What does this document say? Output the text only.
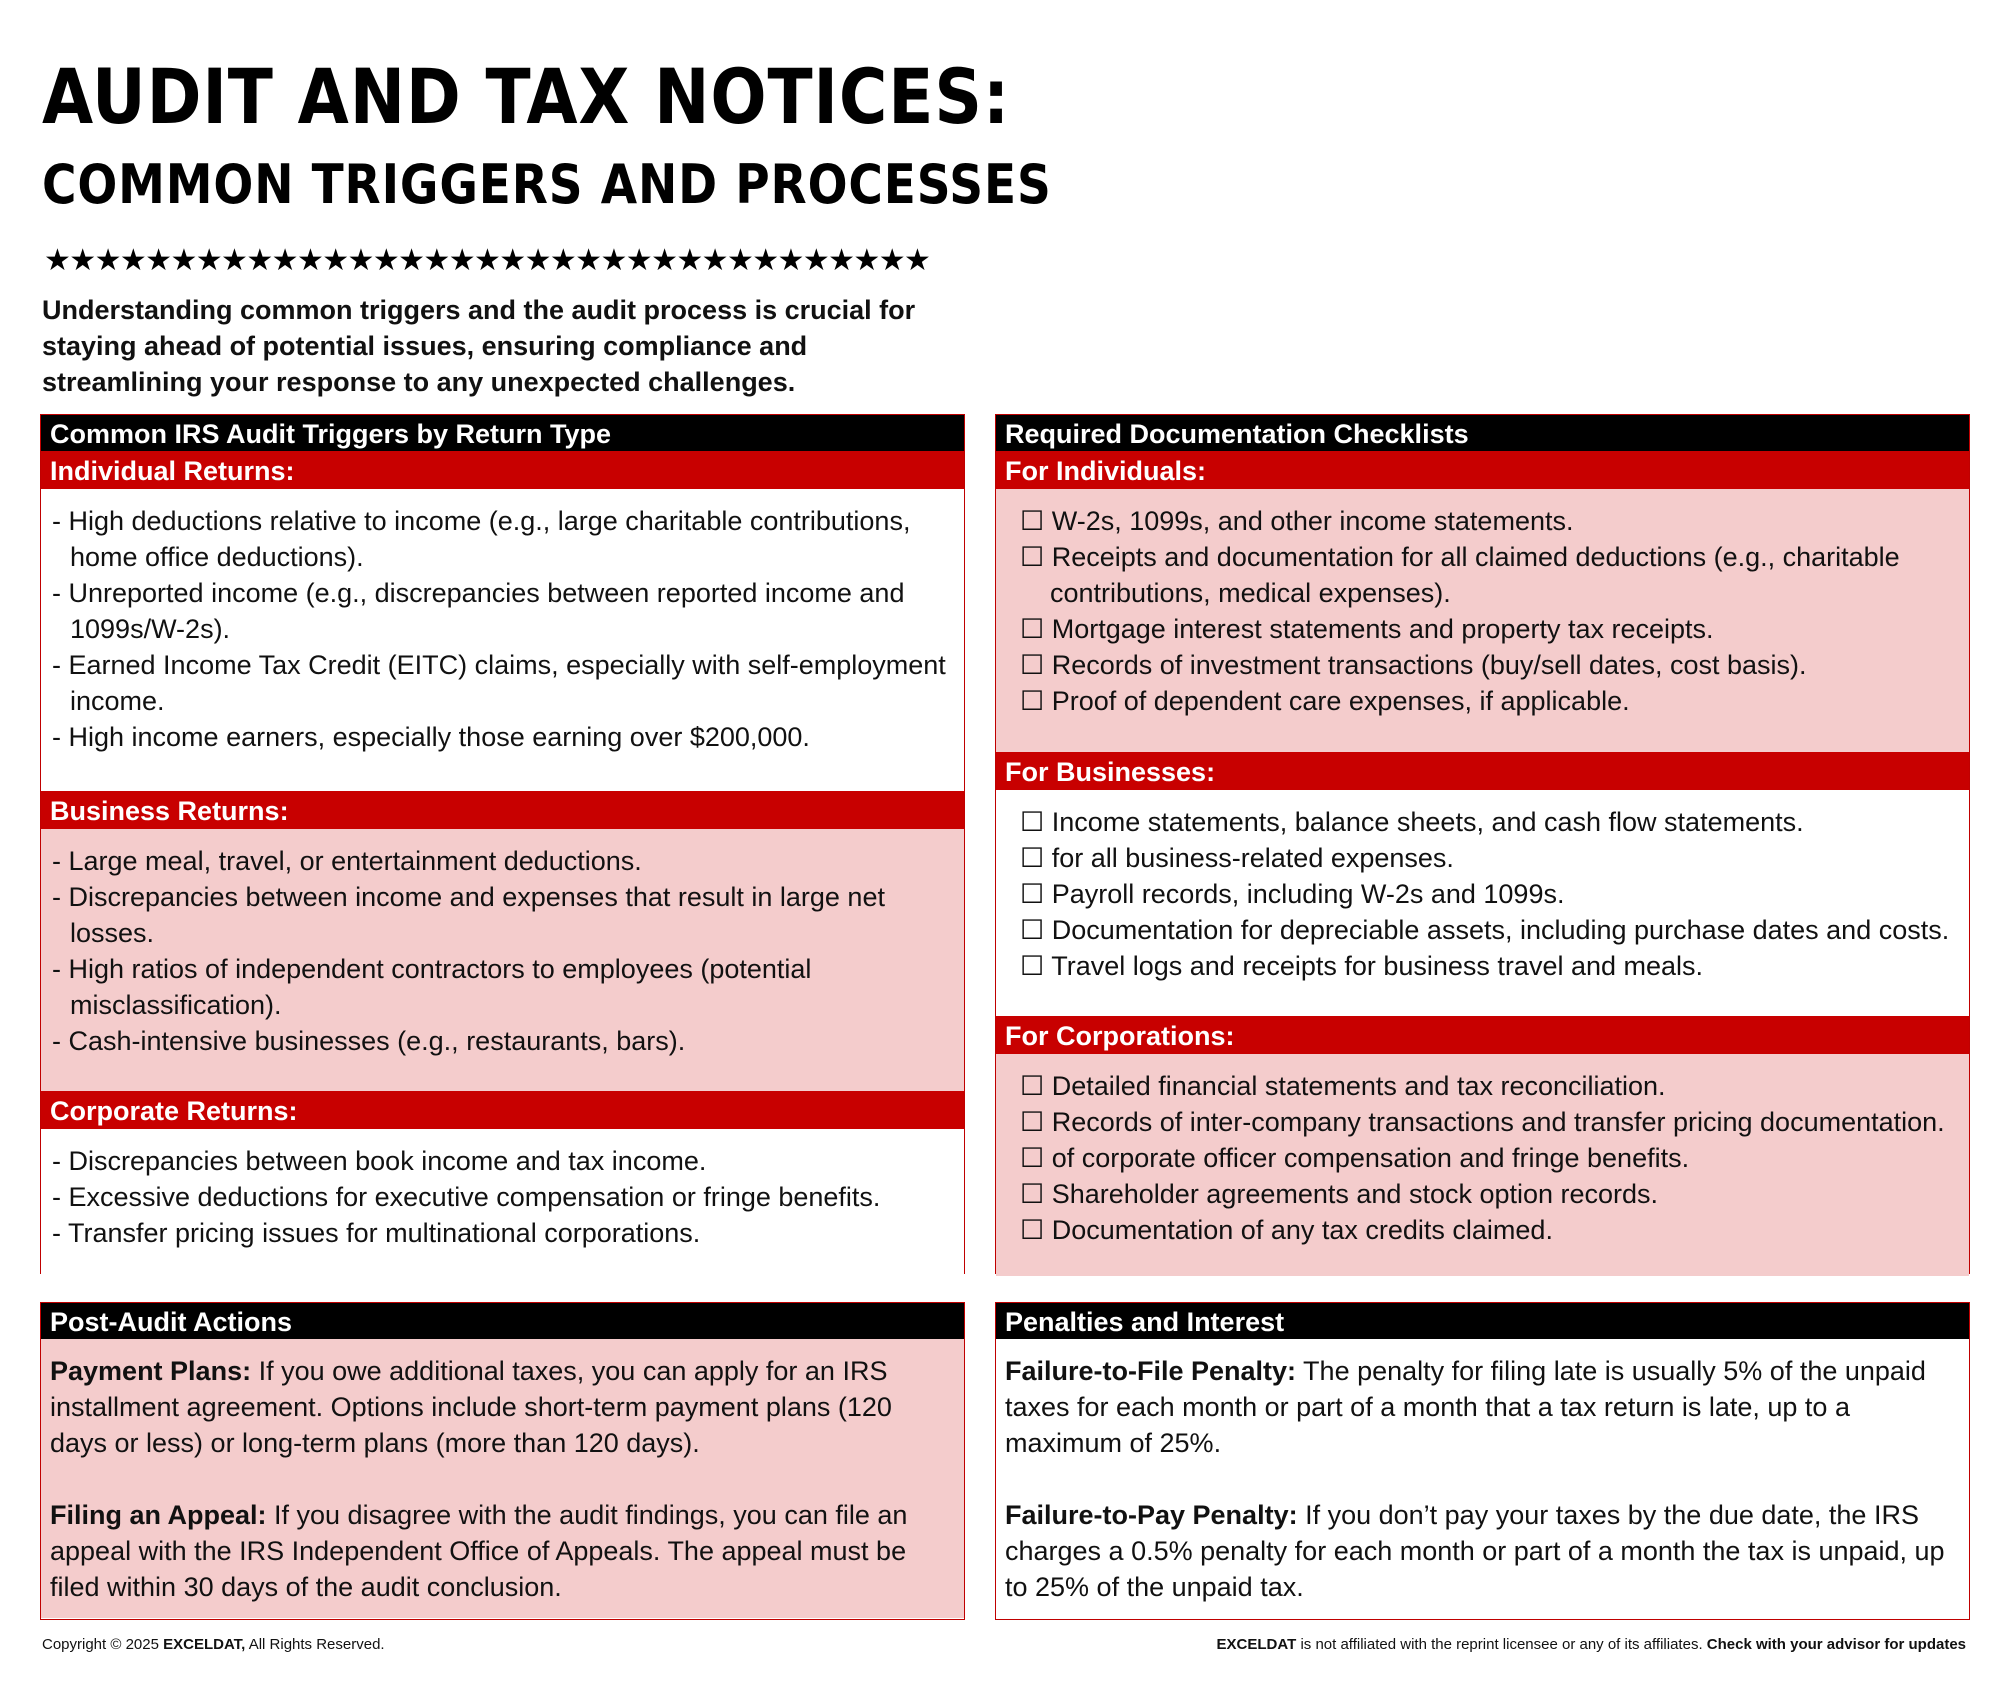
AUDIT AND TAX NOTICES:
COMMON TRIGGERS AND PROCESSES
★★★★★★★★★★★★★★★★★★★★★★★★★★★★★★★★★★★

Understanding common triggers and the audit process is crucial for staying ahead of potential issues, ensuring compliance and streamlining your response to any unexpected challenges.

Common IRS Audit Triggers by Return Type
Individual Returns:
- High deductions relative to income (e.g., large charitable contributions, home office deductions).
- Unreported income (e.g., discrepancies between reported income and 1099s/W-2s).
- Earned Income Tax Credit (EITC) claims, especially with self-employment income.
- High income earners, especially those earning over $200,000.
Business Returns:
- Large meal, travel, or entertainment deductions.
- Discrepancies between income and expenses that result in large net losses.
- High ratios of independent contractors to employees (potential misclassification).
- Cash-intensive businesses (e.g., restaurants, bars).
Corporate Returns:
- Discrepancies between book income and tax income.
- Excessive deductions for executive compensation or fringe benefits.
- Transfer pricing issues for multinational corporations.
Required Documentation Checklists
For Individuals:
☐ W-2s, 1099s, and other income statements.
☐ Receipts and documentation for all claimed deductions (e.g., charitable contributions, medical expenses).
☐ Mortgage interest statements and property tax receipts.
☐ Records of investment transactions (buy/sell dates, cost basis).
☐ Proof of dependent care expenses, if applicable.
For Businesses:
☐ Income statements, balance sheets, and cash flow statements.
☐ for all business-related expenses.
☐ Payroll records, including W-2s and 1099s.
☐ Documentation for depreciable assets, including purchase dates and costs.
☐ Travel logs and receipts for business travel and meals.
For Corporations:
☐ Detailed financial statements and tax reconciliation.
☐ Records of inter-company transactions and transfer pricing documentation.
☐ of corporate officer compensation and fringe benefits.
☐ Shareholder agreements and stock option records.
☐ Documentation of any tax credits claimed.
Post-Audit Actions

Payment Plans: If you owe additional taxes, you can apply for an IRS installment agreement. Options include short-term payment plans (120 days or less) or long-term plans (more than 120 days).

Filing an Appeal: If you disagree with the audit findings, you can file an appeal with the IRS Independent Office of Appeals. The appeal must be filed within 30 days of the audit conclusion.

Penalties and Interest

Failure-to-File Penalty: The penalty for filing late is usually 5% of the unpaid taxes for each month or part of a month that a tax return is late, up to a maximum of 25%.

Failure-to-Pay Penalty: If you don’t pay your taxes by the due date, the IRS charges a 0.5% penalty for each month or part of a month the tax is unpaid, up to 25% of the unpaid tax.

Copyright © 2025 EXCELDAT, All Rights Reserved.	EXCELDAT is not affiliated with the reprint licensee or any of its affiliates. Check with your advisor for updates
